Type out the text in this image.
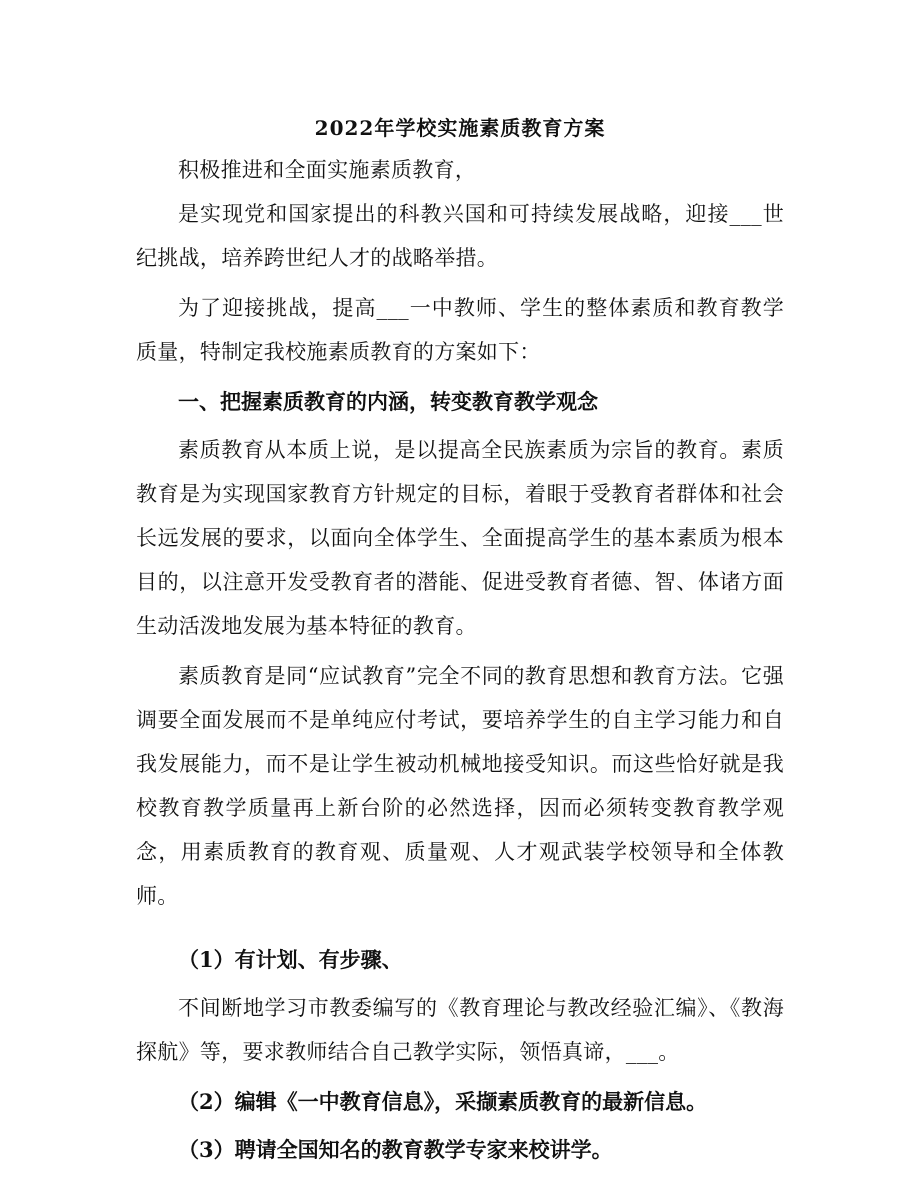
2022年学校实施素质教育方案

积极推进和全面实施素质教育，

是实现党和国家提出的科教兴国和可持续发展战略，迎接___世纪挑战，培养跨世纪人才的战略举措。

为了迎接挑战，提高___一中教师、学生的整体素质和教育教学质量，特制定我校施素质教育的方案如下：

一、把握素质教育的内涵，转变教育教学观念

素质教育从本质上说，是以提高全民族素质为宗旨的教育。素质教育是为实现国家教育方针规定的目标，着眼于受教育者群体和社会长远发展的要求，以面向全体学生、全面提高学生的基本素质为根本目的，以注意开发受教育者的潜能、促进受教育者德、智、体诸方面生动活泼地发展为基本特征的教育。

素质教育是同“应试教育”完全不同的教育思想和教育方法。它强调要全面发展而不是单纯应付考试，要培养学生的自主学习能力和自我发展能力，而不是让学生被动机械地接受知识。而这些恰好就是我校教育教学质量再上新台阶的必然选择，因而必须转变教育教学观念，用素质教育的教育观、质量观、人才观武装学校领导和全体教师。

（1）有计划、有步骤、

不间断地学习市教委编写的《教育理论与教改经验汇编》、《教海探航》等，要求教师结合自己教学实际，领悟真谛，___。

（2）编辑《一中教育信息》，采撷素质教育的最新信息。

（3）聘请全国知名的教育教学专家来校讲学。
